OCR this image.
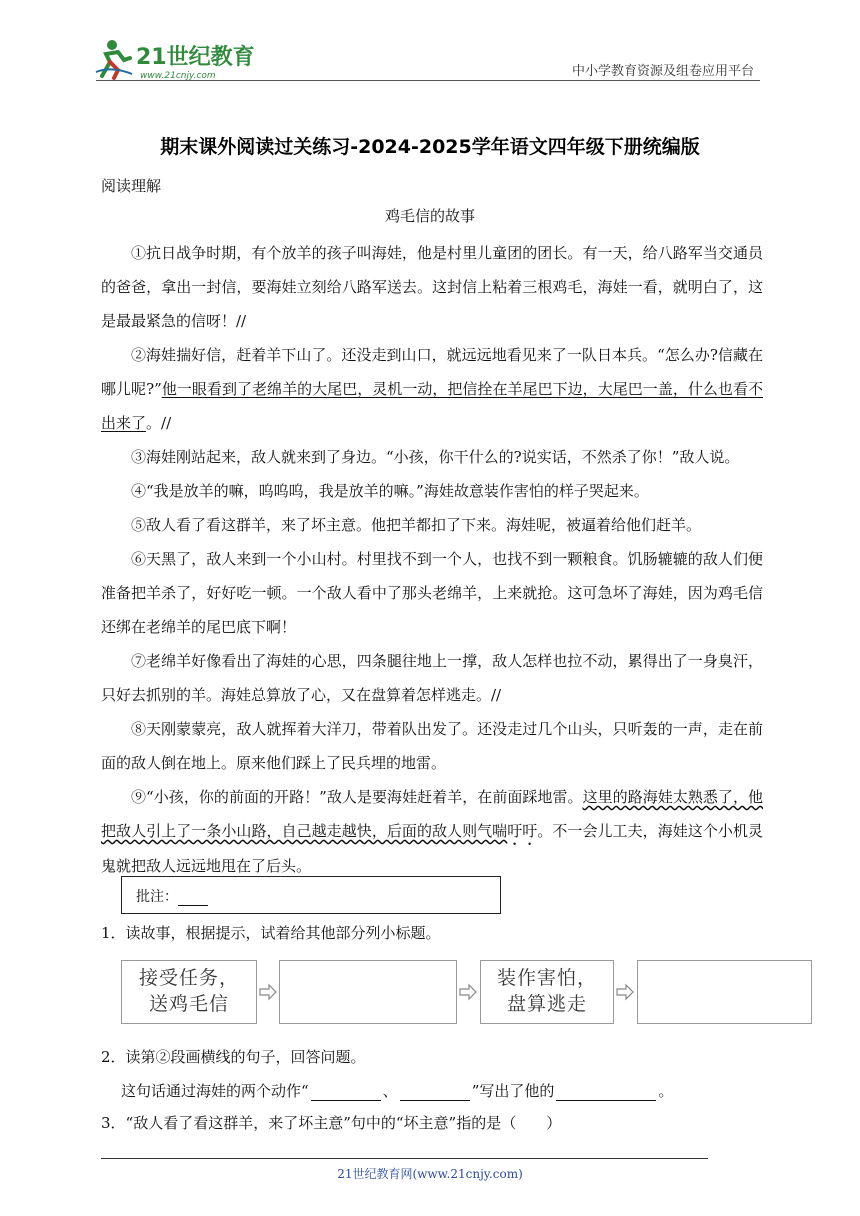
21世纪教育
www.21cnjy.com	中小学教育资源及组卷应用平台
期末课外阅读过关练习-2024-2025学年语文四年级下册统编版
阅读理解
鸡毛信的故事

①抗日战争时期，有个放羊的孩子叫海娃，他是村里儿童团的团长。有一天，给八路军当交通员的爸爸，拿出一封信，要海娃立刻给八路军送去。这封信上粘着三根鸡毛，海娃一看，就明白了，这是最最紧急的信呀！//

②海娃揣好信，赶着羊下山了。还没走到山口，就远远地看见来了一队日本兵。“怎么办?信藏在哪儿呢?”他一眼看到了老绵羊的大尾巴，灵机一动，把信拴在羊尾巴下边，大尾巴一盖，什么也看不出来了。//

③海娃刚站起来，敌人就来到了身边。“小孩，你干什么的?说实话，不然杀了你！”敌人说。

④“我是放羊的嘛，呜呜呜，我是放羊的嘛。”海娃故意装作害怕的样子哭起来。

⑤敌人看了看这群羊，来了坏主意。他把羊都扣了下来。海娃呢，被逼着给他们赶羊。

⑥天黑了，敌人来到一个小山村。村里找不到一个人，也找不到一颗粮食。饥肠辘辘的敌人们便准备把羊杀了，好好吃一顿。一个敌人看中了那头老绵羊，上来就抢。这可急坏了海娃，因为鸡毛信还绑在老绵羊的尾巴底下啊！

⑦老绵羊好像看出了海娃的心思，四条腿往地上一撑，敌人怎样也拉不动，累得出了一身臭汗，只好去抓别的羊。海娃总算放了心，又在盘算着怎样逃走。//

⑧天刚蒙蒙亮，敌人就挥着大洋刀，带着队出发了。还没走过几个山头，只听轰的一声，走在前面的敌人倒在地上。原来他们踩上了民兵埋的地雷。

⑨“小孩，你的前面的开路！”敌人是要海娃赶着羊，在前面踩地雷。这里的路海娃太熟悉了，他把敌人引上了一条小山路，自己越走越快，后面的敌人则气喘吁吁。不一会儿工夫，海娃这个小机灵鬼就把敌人远远地甩在了后头。

批注：
1．读故事，根据提示，试着给其他部分列小标题。
接受任务，
送鸡毛信
装作害怕，
盘算逃走
2．读第②段画横线的句子，回答问题。
这句话通过海娃的两个动作“	、	”写出了他的	。
3．“敌人看了看这群羊，来了坏主意”句中的“坏主意”指的是（　　）
21世纪教育网(www.21cnjy.com)
